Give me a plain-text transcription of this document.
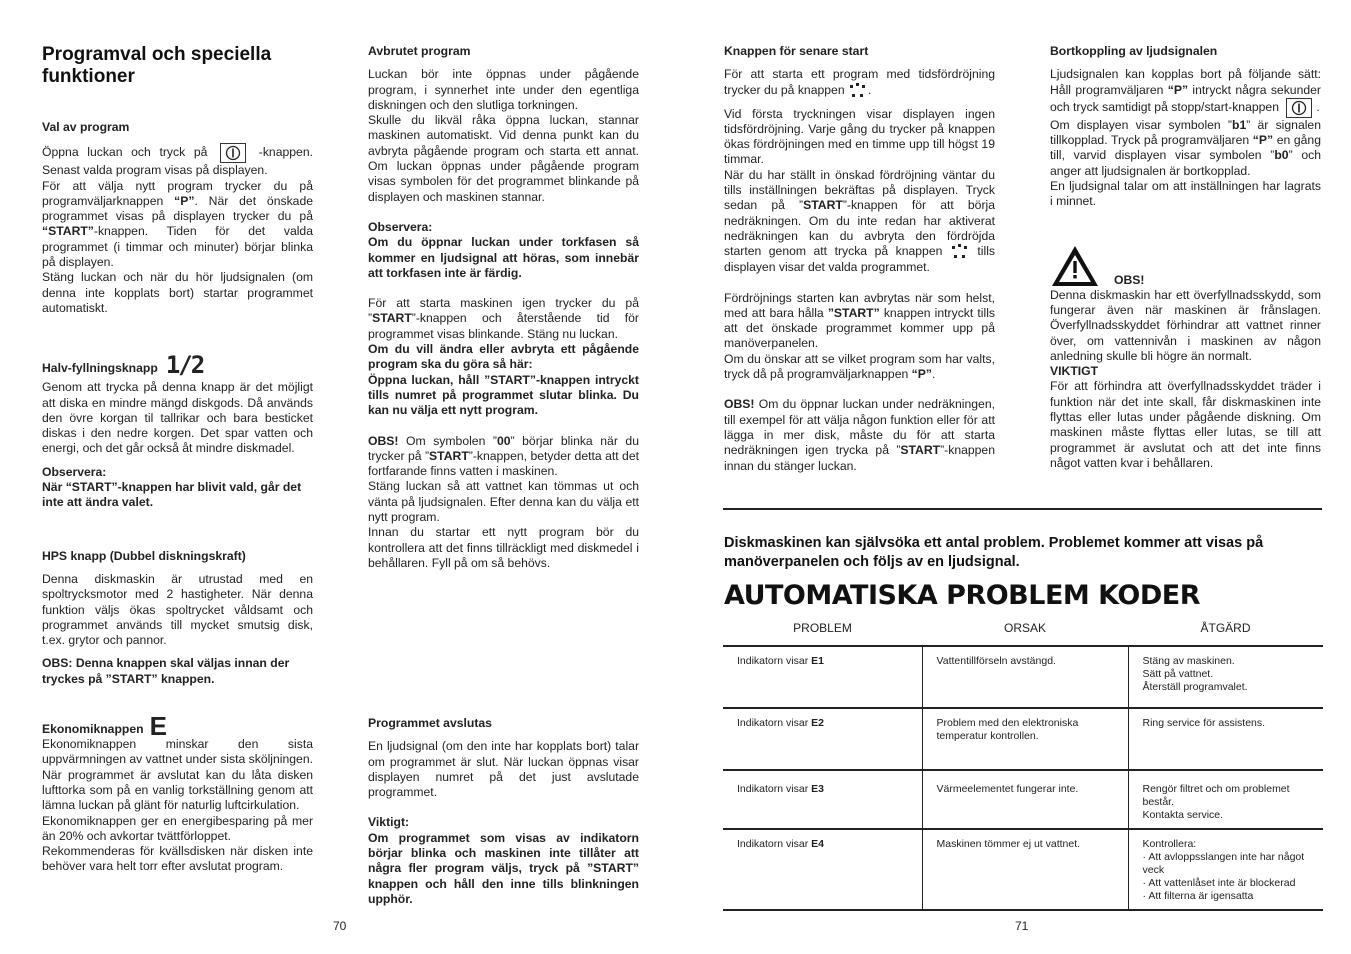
Programval och speciella funktioner

Val av program

Öppna luckan och tryck på	-knappen. Senast valda program visas på displayen.

För att välja nytt program trycker du på programväljarknappen “P”. När det önskade programmet visas på displayen trycker du på “START”-knappen. Tiden för det valda programmet (i timmar och minuter) börjar blinka på displayen.

Stäng luckan och när du hör ljudsignalen (om denna inte kopplats bort) startar programmet automatiskt.

Halv-fyllningsknapp 1/2

Genom att trycka på denna knapp är det möjligt att diska en mindre mängd diskgods. Då används den övre korgan til tallrikar och bara besticket diskas i den nedre korgen. Det spar vatten och energi, och det går också åt mindre diskmadel.

Observera:

När “START”-knappen har blivit vald, går det inte att ändra valet.

HPS knapp (Dubbel diskningskraft)

Denna diskmaskin är utrustad med en spoltrycksmotor med 2 hastigheter. När denna funktion väljs ökas spoltrycket våldsamt och programmet används till mycket smutsig disk, t.ex. grytor och pannor.

OBS: Denna knappen skal väljas innan der tryckes på ”START” knappen.

Ekonomiknappen E

Ekonomiknappen minskar den sista uppvärmningen av vattnet under sista sköljningen. När programmet är avslutat kan du låta disken lufttorka som på en vanlig torkställning genom att lämna luckan på glänt för naturlig luftcirkulation.

Ekonomiknappen ger en energibesparing på mer än 20% och avkortar tvättförloppet.

Rekommenderas för kvällsdisken när disken inte behöver vara helt torr efter avslutat program.

Avbrutet program

Luckan bör inte öppnas under pågående program, i synnerhet inte under den egentliga diskningen och den slutliga torkningen.

Skulle du likväl råka öppna luckan, stannar maskinen automatiskt. Vid denna punkt kan du avbryta pågående program och starta ett annat. Om luckan öppnas under pågående program visas symbolen för det programmet blinkande på displayen och maskinen stannar.

Observera:

Om du öppnar luckan under torkfasen så kommer en ljudsignal att höras, som innebär att torkfasen inte är färdig.

För att starta maskinen igen trycker du på ”START”-knappen och återstående tid för programmet visas blinkande. Stäng nu luckan.

Om du vill ändra eller avbryta ett pågående program ska du göra så här:

Öppna luckan, håll ”START”-knappen intryckt tills numret på programmet slutar blinka. Du kan nu välja ett nytt program.

OBS! Om symbolen ”00” börjar blinka när du trycker på ”START”-knappen, betyder detta att det fortfarande finns vatten i maskinen.

Stäng luckan så att vattnet kan tömmas ut och vänta på ljudsignalen. Efter denna kan du välja ett nytt program.

Innan du startar ett nytt program bör du kontrollera att det finns tillräckligt med diskmedel i behållaren. Fyll på om så behövs.

Programmet avslutas

En ljudsignal (om den inte har kopplats bort) talar om programmet är slut. När luckan öppnas visar displayen numret på det just avslutade programmet.

Viktigt:

Om programmet som visas av indikatorn börjar blinka och maskinen inte tillåter att några fler program väljs, tryck på ”START” knappen och håll den inne tills blinkningen upphör.

Knappen för senare start

För att starta ett program med tidsfördröjning trycker du på knappen .

Vid första tryckningen visar displayen ingen tidsfördröjning. Varje gång du trycker på knappen ökas fördröjningen med en timme upp till högst 19 timmar.

När du har ställt in önskad fördröjning väntar du tills inställningen bekräftas på displayen. Tryck sedan på ”START”-knappen för att börja nedräkningen. Om du inte redan har aktiverat nedräkningen kan du avbryta den fördröjda starten genom att trycka på knappen	tills displayen visar det valda programmet.

Fördröjnings starten kan avbrytas när som helst, med att bara hålla ”START” knappen intryckt tills att det önskade programmet kommer upp på manöverpanelen.

Om du önskar att se vilket program som har valts, tryck då på programväljarknappen “P”.

OBS! Om du öppnar luckan under nedräkningen, till exempel för att välja någon funktion eller för att lägga in mer disk, måste du för att starta nedräkningen igen trycka på ”START”-knappen innan du stänger luckan.

Bortkoppling av ljudsignalen

Ljudsignalen kan kopplas bort på följande sätt: Håll programväljaren “P” intryckt några sekunder och tryck samtidigt på stopp/start-knappen	.

Om displayen visar symbolen ”b1” är signalen tillkopplad. Tryck på programväljaren “P” en gång till, varvid displayen visar symbolen ”b0” och anger att ljudsignalen är bortkopplad.

En ljudsignal talar om att inställningen har lagrats i minnet.

OBS!

Denna diskmaskin har ett överfyllnadsskydd, som fungerar även när maskinen är frånslagen. Överfyllnadsskyddet förhindrar att vattnet rinner över, om vattennivån i maskinen av någon anledning skulle bli högre än normalt.

VIKTIGT

För att förhindra att överfyllnadsskyddet träder i funktion när det inte skall, får diskmaskinen inte flyttas eller lutas under pågående diskning. Om maskinen måste flyttas eller lutas, se till att programmet är avslutat och att det inte finns något vatten kvar i behållaren.

Diskmaskinen kan självsöka ett antal problem. Problemet kommer att visas på manöverpanelen och följs av en ljudsignal.

AUTOMATISKA PROBLEM KODER
PROBLEM	ORSAK	ÅTGÄRD
Indikatorn visar E1	Vattentillförseln avstängd.	Stäng av maskinen.
Sätt på vattnet.
Återställ programvalet.

Indikatorn visar E2	Problem med den elektroniska temperatur kontrollen.	Ring service för assistens.

Indikatorn visar E3	Värmeelementet fungerar inte.	Rengör filtret och om problemet består.
Kontakta service.

Indikatorn visar E4	Maskinen tömmer ej ut vattnet.	Kontrollera:
· Att avloppsslangen inte har något veck
· Att vattenlåset inte är blockerad
· Att filterna är igensatta
70	71
